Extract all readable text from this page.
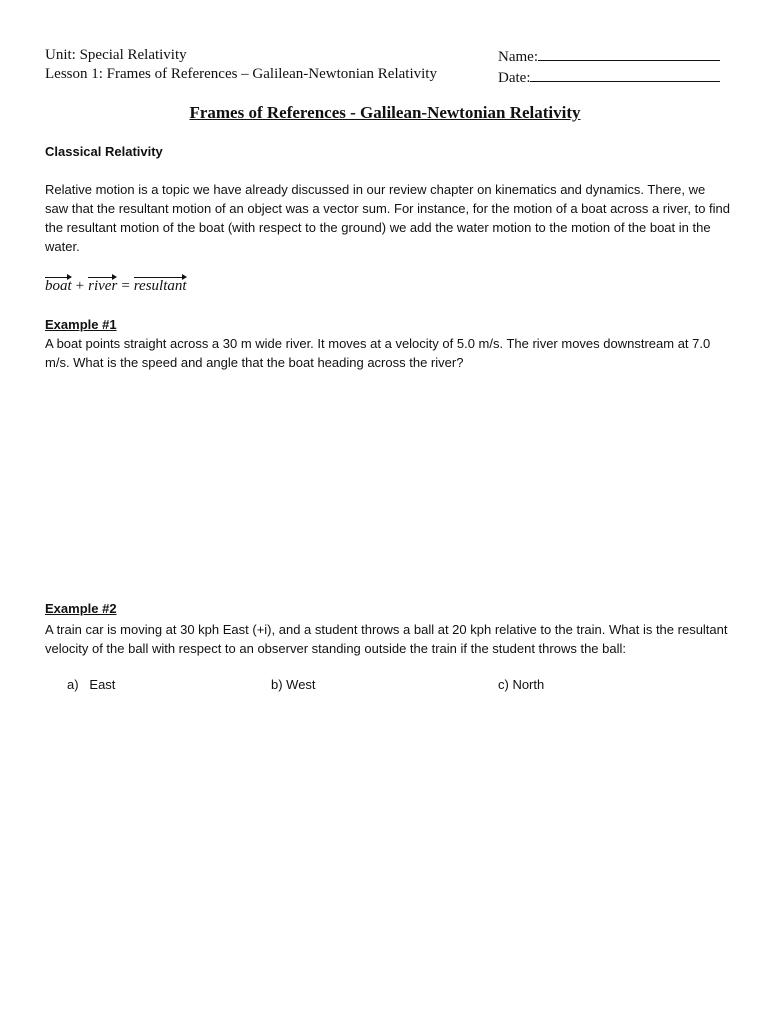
Unit: Special Relativity
Lesson 1: Frames of References – Galilean-Newtonian Relativity
Name:
Date:
Frames of References - Galilean-Newtonian Relativity
Classical Relativity
Relative motion is a topic we have already discussed in our review chapter on kinematics and dynamics. There, we saw that the resultant motion of an object was a vector sum. For instance, for the motion of a boat across a river, to find the resultant motion of the boat (with respect to the ground) we add the water motion to the motion of the boat in the water.
boat + river = resultant
Example #1
A boat points straight across a 30 m wide river. It moves at a velocity of 5.0 m/s. The river moves downstream at 7.0 m/s. What is the speed and angle that the boat heading across the river?
Example #2
A train car is moving at 30 kph East (+i), and a student throws a ball at 20 kph relative to the train. What is the resultant velocity of the ball with respect to an observer standing outside the train if the student throws the ball:
a)   East	b) West	c) North
